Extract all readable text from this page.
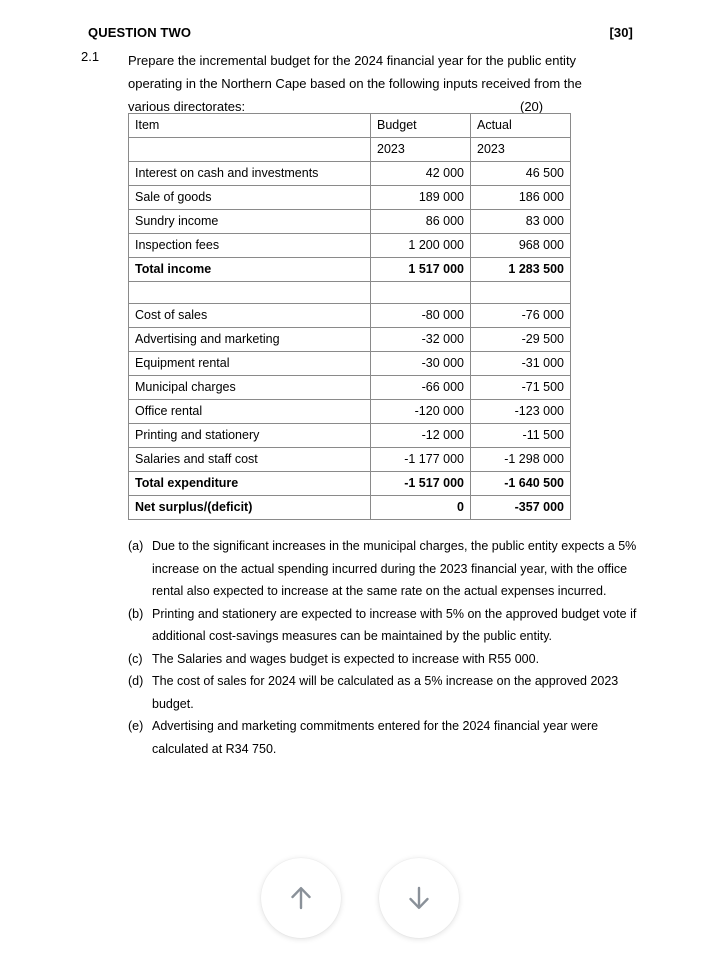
QUESTION TWO	[30]
2.1 Prepare the incremental budget for the 2024 financial year for the public entity
operating in the Northern Cape based on the following inputs received from the
various directorates:	(20)
Item	Budget	Actual
	2023	2023
Interest on cash and investments	42 000	46 500
Sale of goods	189 000	186 000
Sundry income	86 000	83 000
Inspection fees	1 200 000	968 000
Total income	1 517 000	1 283 500

Cost of sales	-80 000	-76 000
Advertising and marketing	-32 000	-29 500
Equipment rental	-30 000	-31 000
Municipal charges	-66 000	-71 500
Office rental	-120 000	-123 000
Printing and stationery	-12 000	-11 500
Salaries and staff cost	-1 177 000	-1 298 000
Total expenditure	-1 517 000	-1 640 500
Net surplus/(deficit)	0	-357 000
(a) Due to the significant increases in the municipal charges, the public entity expects a 5% increase on the actual spending incurred during the 2023 financial year, with the office rental also expected to increase at the same rate on the actual expenses incurred.
(b) Printing and stationery are expected to increase with 5% on the approved budget vote if additional cost-savings measures can be maintained by the public entity.
(c) The Salaries and wages budget is expected to increase with R55 000.
(d) The cost of sales for 2024 will be calculated as a 5% increase on the approved 2023 budget.
(e) Advertising and marketing commitments entered for the 2024 financial year were calculated at R34 750.
